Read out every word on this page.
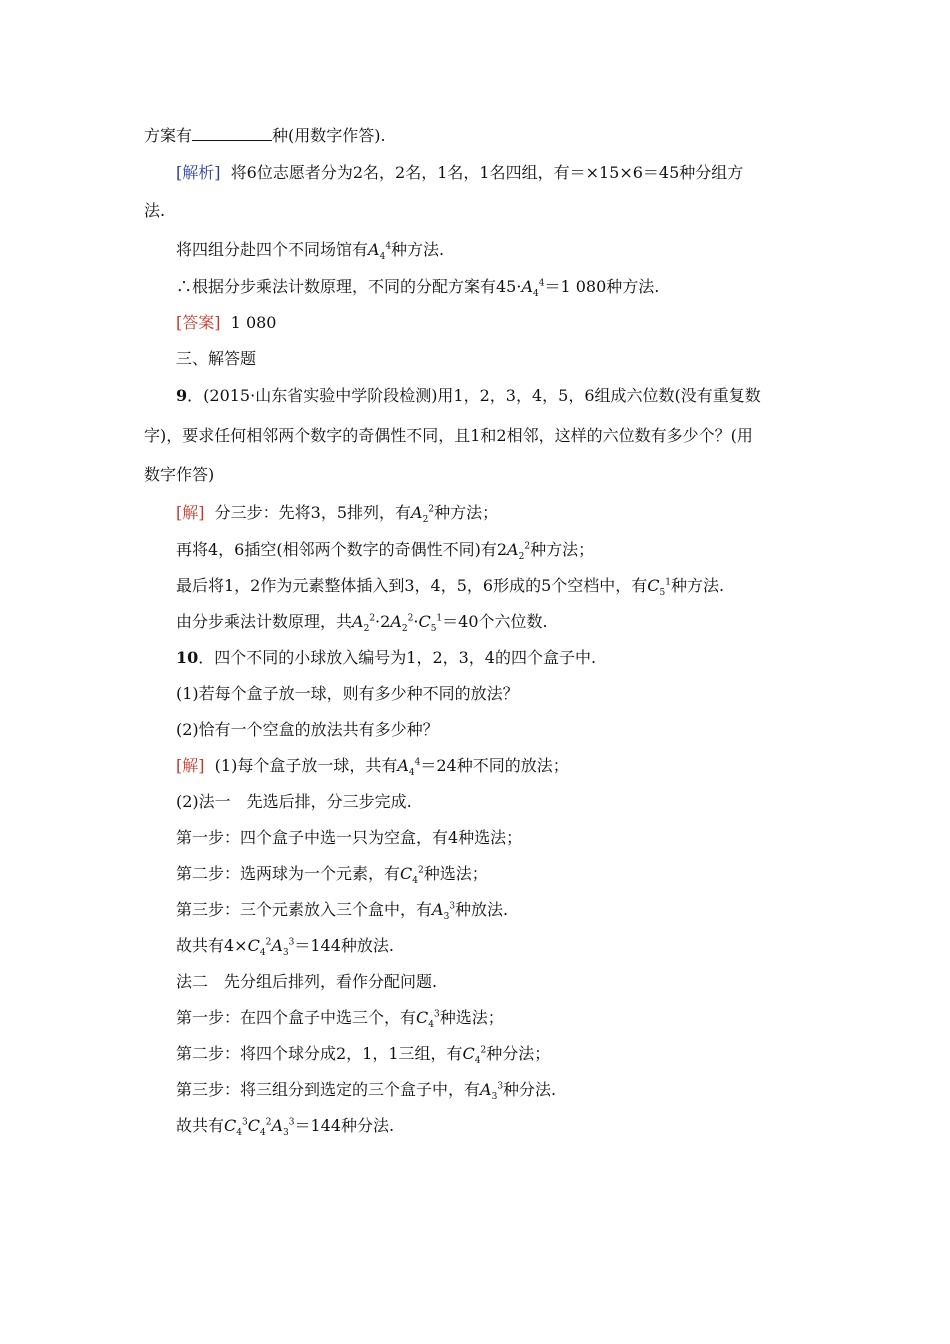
方案有	种(用数字作答).
[解析] 将6位志愿者分为2名，2名，1名，1名四组，有＝×15×6＝45种分组方
法.
将四组分赴四个不同场馆有$A_4^4$种方法.
∴根据分步乘法计数原理，不同的分配方案有$45\cdot A_4^4=1$ 080种方法.
[答案] 1 080
三、解答题
9．(2015·山东省实验中学阶段检测)用1，2，3，4，5，6组成六位数(没有重复数
字)，要求任何相邻两个数字的奇偶性不同，且1和2相邻，这样的六位数有多少个？(用
数字作答)
[解] 分三步：先将3，5排列，有$A_2^2$种方法；
再将4，6插空(相邻两个数字的奇偶性不同)有$2A_2^2$种方法；
最后将1，2作为元素整体插入到3，4，5，6形成的5个空档中，有$C_5^1$种方法.
由分步乘法计数原理，共$A_2^2\cdot 2A_2^2\cdot C_5^1=40$个六位数.
10．四个不同的小球放入编号为1，2，3，4的四个盒子中.
(1)若每个盒子放一球，则有多少种不同的放法？
(2)恰有一个空盒的放法共有多少种？
[解] (1)每个盒子放一球，共有$A_4^4=24$种不同的放法；
(2)法一　先选后排，分三步完成.
第一步：四个盒子中选一只为空盒，有4种选法；
第二步：选两球为一个元素，有$C_4^2$种选法；
第三步：三个元素放入三个盒中，有$A_3^3$种放法.
故共有$4\times C_4^2A_3^3=144$种放法.
法二　先分组后排列，看作分配问题.
第一步：在四个盒子中选三个，有$C_4^3$种选法；
第二步：将四个球分成2，1，1三组，有$C_4^2$种分法；
第三步：将三组分到选定的三个盒子中，有$A_3^3$种分法.
故共有$C_4^3C_4^2A_3^3=144$种分法.
